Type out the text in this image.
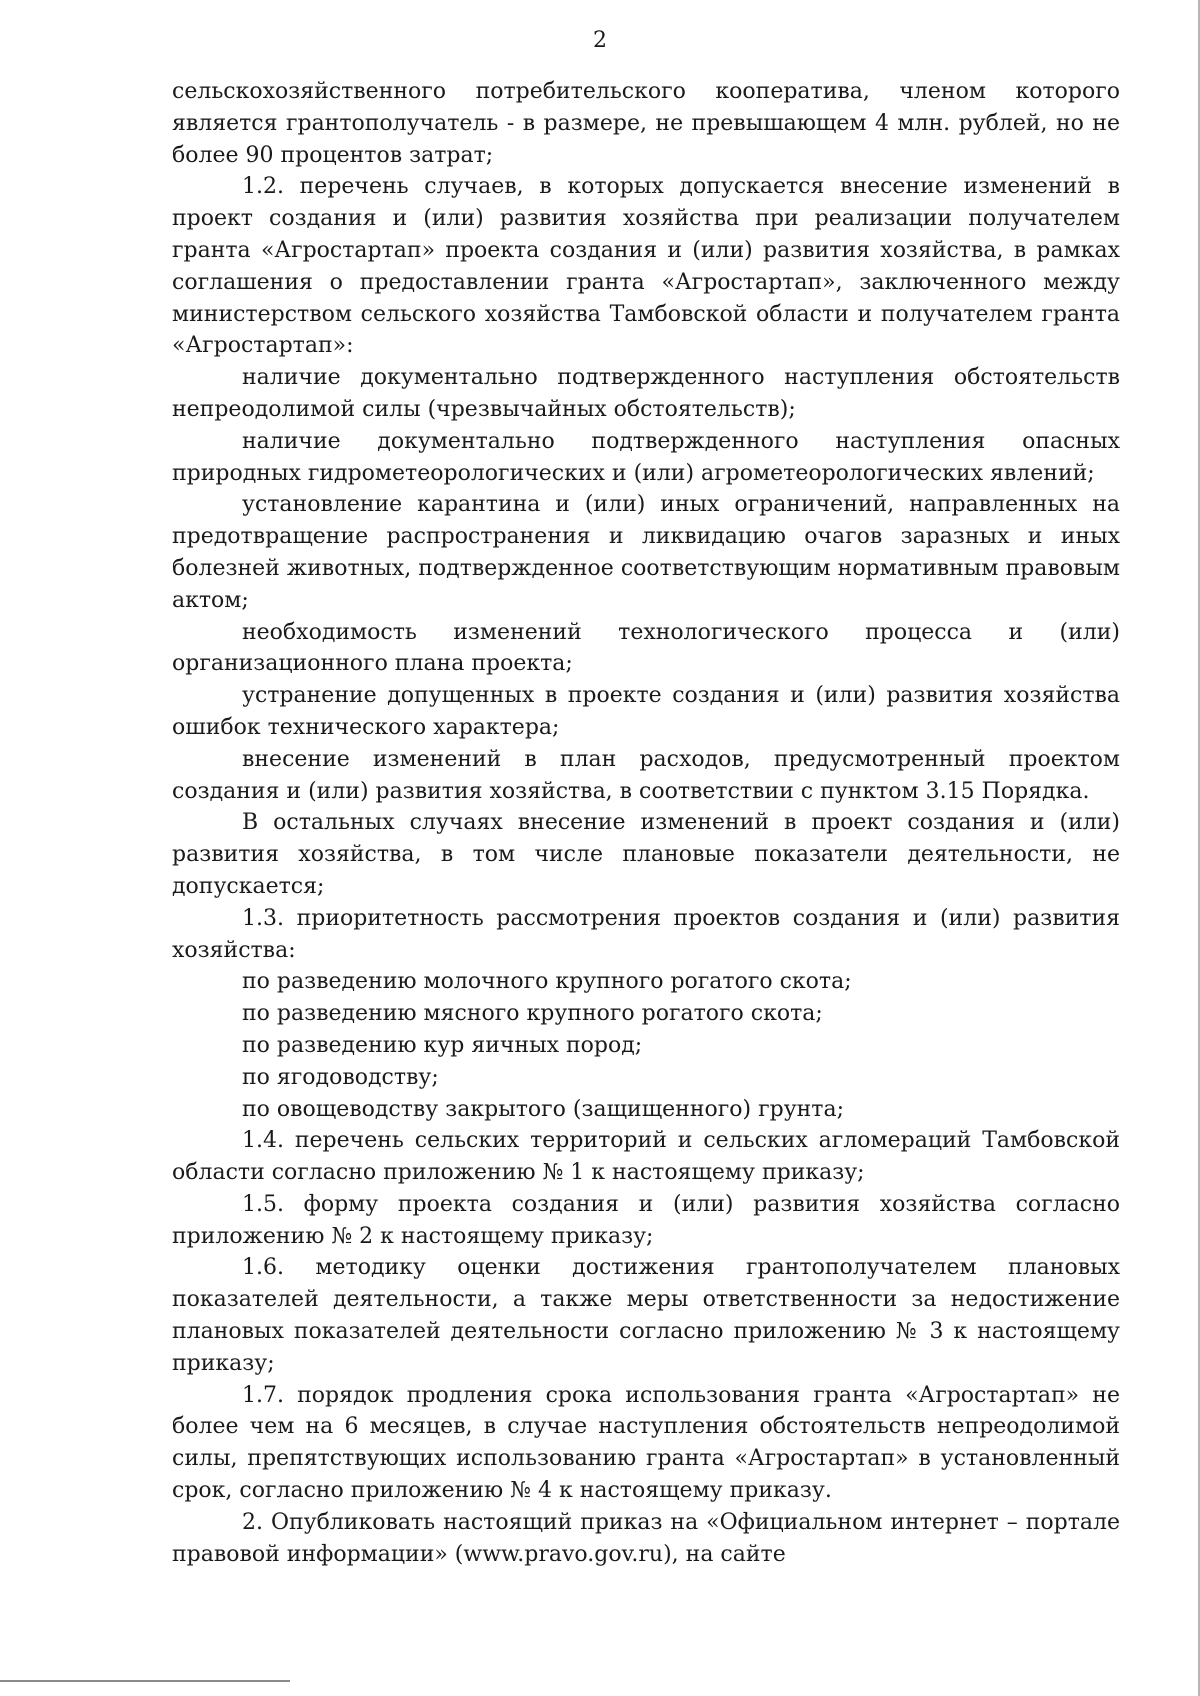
2

сельскохозяйственного потребительского кооператива, членом которого является грантополучатель - в размере, не превышающем 4 млн. рублей, но не более 90 процентов затрат;

1.2. перечень случаев, в которых допускается внесение изменений в проект создания и (или) развития хозяйства при реализации получателем гранта «Агростартап» проекта создания и (или) развития хозяйства, в рамках соглашения о предоставлении гранта «Агростартап», заключенного между министерством сельского хозяйства Тамбовской области и получателем гранта «Агростартап»:

наличие документально подтвержденного наступления обстоятельств непреодолимой силы (чрезвычайных обстоятельств);

наличие документально подтвержденного наступления опасных природных гидрометеорологических и (или) агрометеорологических явлений;

установление карантина и (или) иных ограничений, направленных на предотвращение распространения и ликвидацию очагов заразных и иных болезней животных, подтвержденное соответствующим нормативным правовым актом;

необходимость изменений технологического процесса и (или) организационного плана проекта;

устранение допущенных в проекте создания и (или) развития хозяйства ошибок технического характера;

внесение изменений в план расходов, предусмотренный проектом создания и (или) развития хозяйства, в соответствии с пунктом 3.15 Порядка.

В остальных случаях внесение изменений в проект создания и (или) развития хозяйства, в том числе плановые показатели деятельности, не допускается;

1.3. приоритетность рассмотрения проектов создания и (или) развития хозяйства:

по разведению молочного крупного рогатого скота;

по разведению мясного крупного рогатого скота;

по разведению кур яичных пород;

по ягодоводству;

по овощеводству закрытого (защищенного) грунта;

1.4. перечень сельских территорий и сельских агломераций Тамбовской области согласно приложению № 1 к настоящему приказу;

1.5. форму проекта создания и (или) развития хозяйства согласно приложению № 2 к настоящему приказу;

1.6. методику оценки достижения грантополучателем плановых показателей деятельности, а также меры ответственности за недостижение плановых показателей деятельности согласно приложению № 3 к настоящему приказу;

1.7. порядок продления срока использования гранта «Агростартап» не более чем на 6 месяцев, в случае наступления обстоятельств непреодолимой силы, препятствующих использованию гранта «Агростартап» в установленный срок, согласно приложению № 4 к настоящему приказу.

2. Опубликовать настоящий приказ на «Официальном интернет – портале правовой информации» (www.pravo.gov.ru), на сайте
